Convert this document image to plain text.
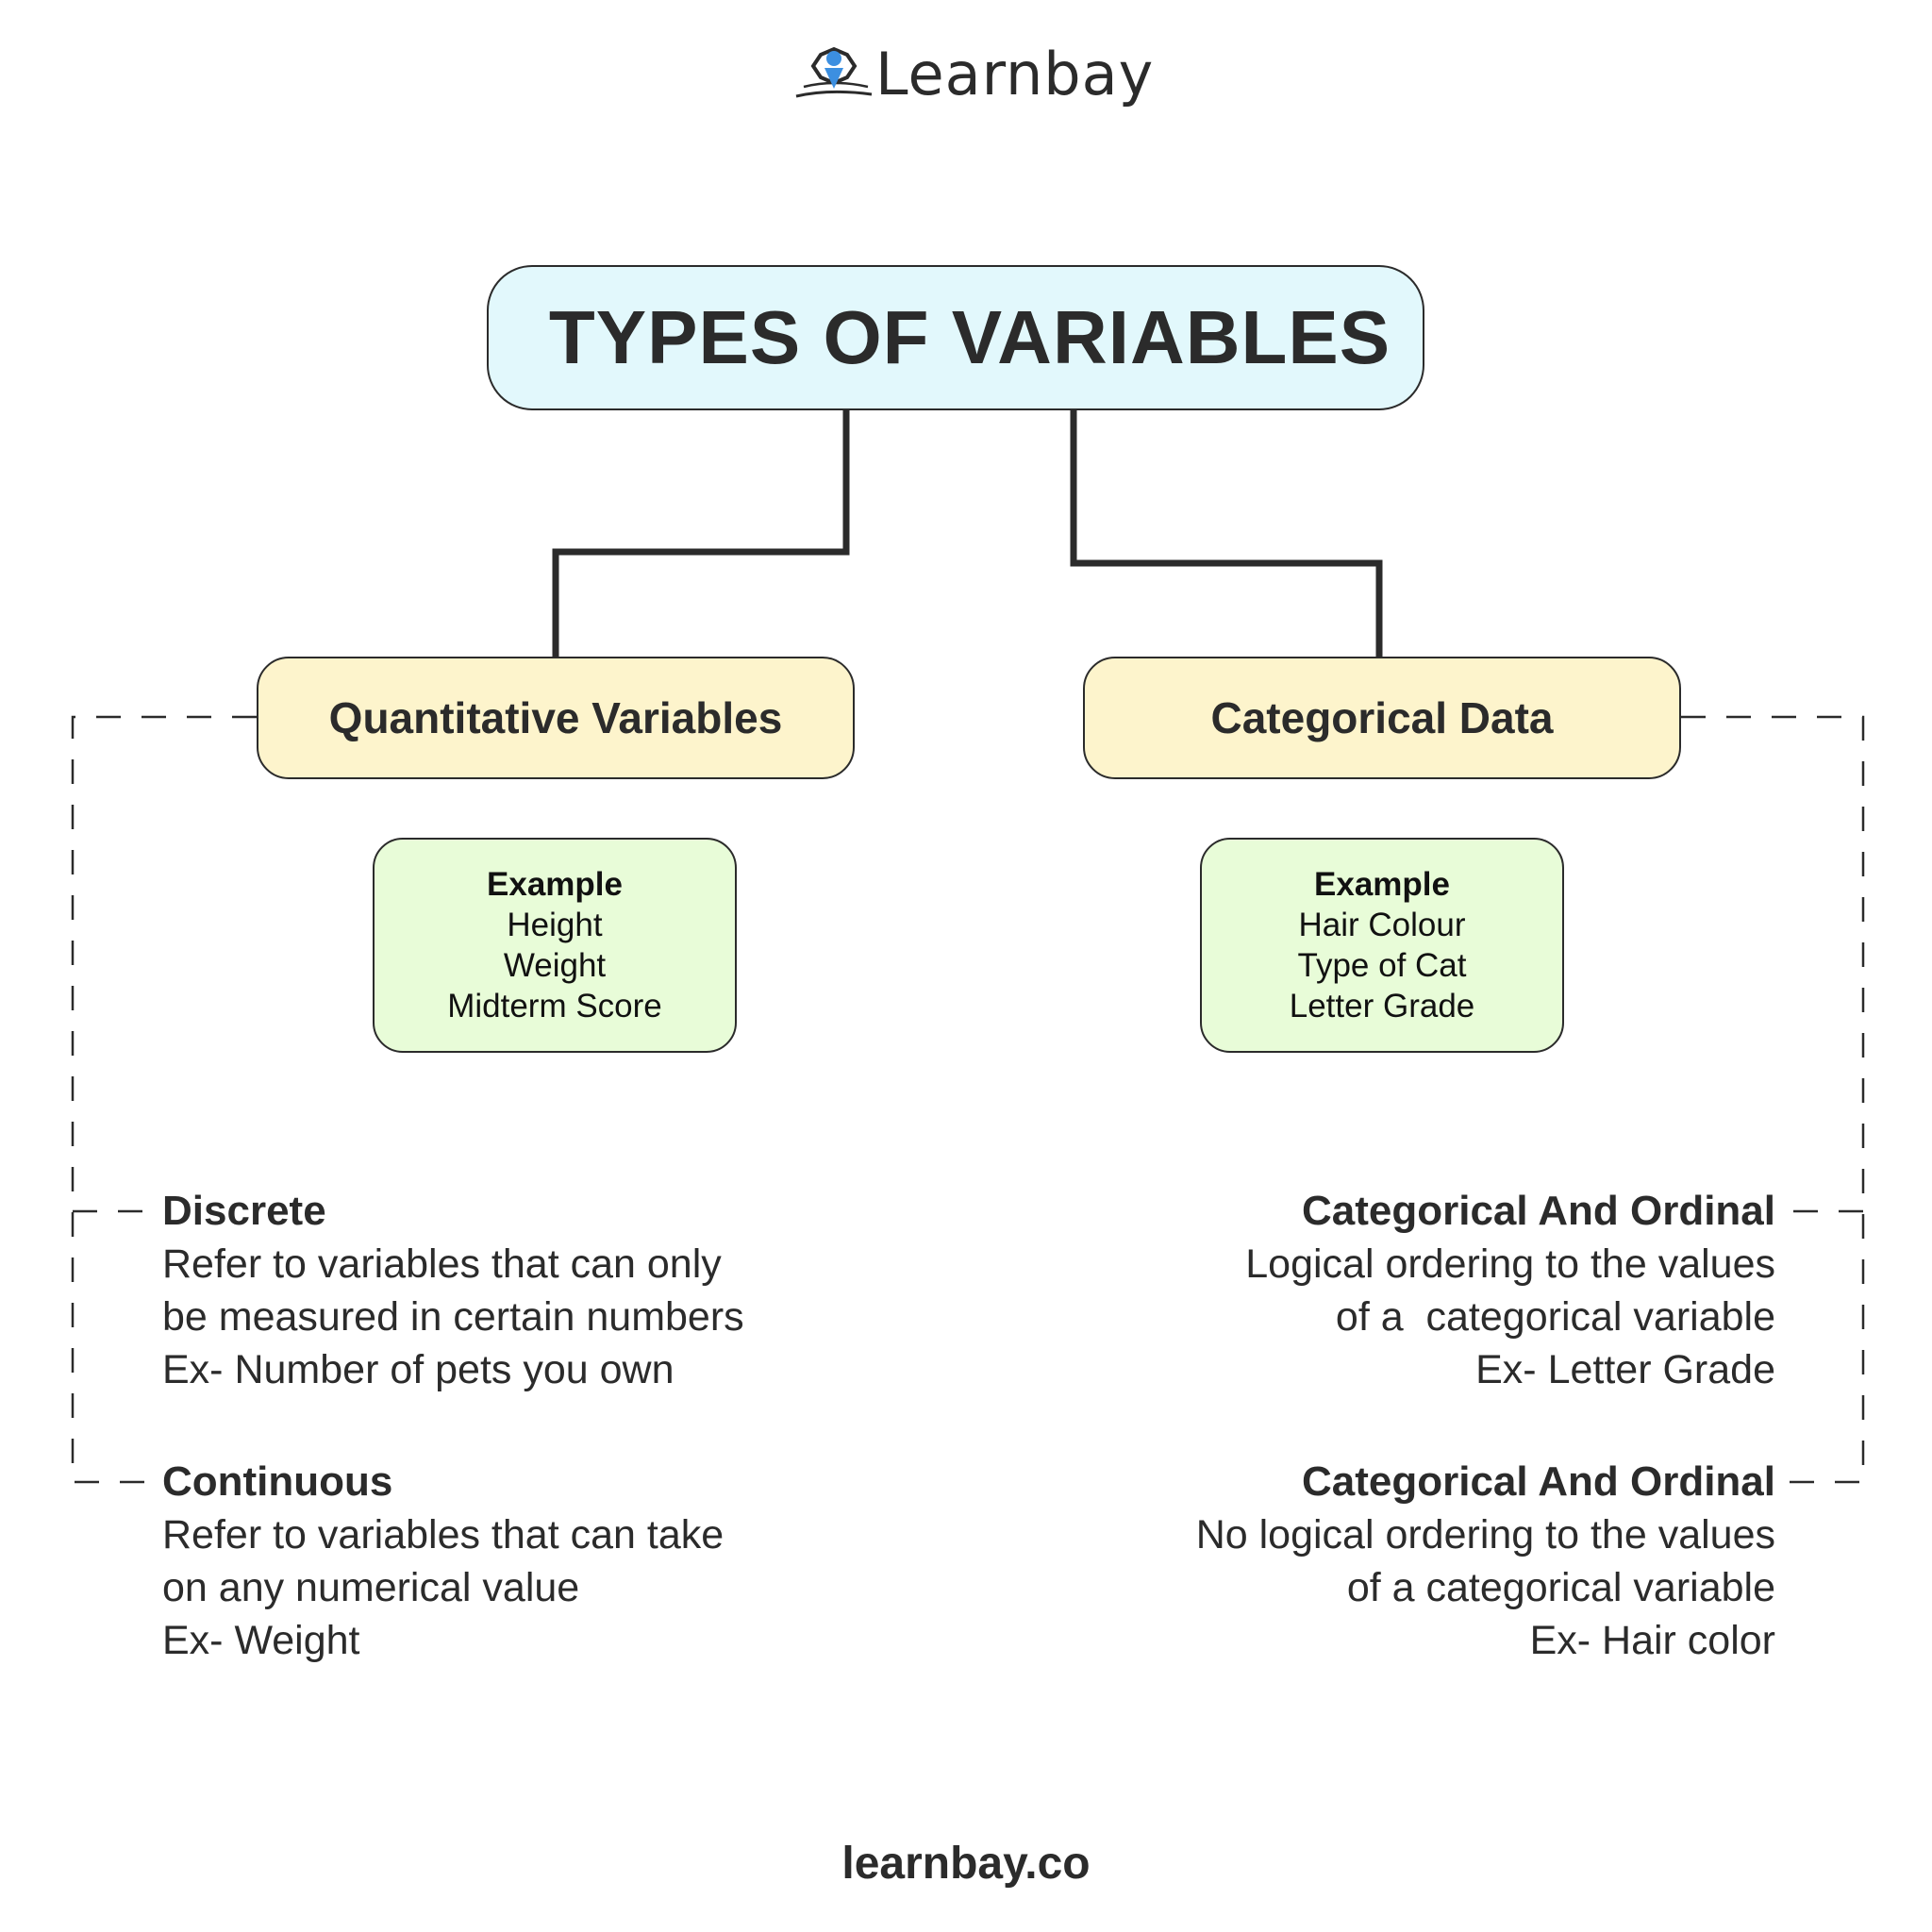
Learnbay
TYPES OF VARIABLES
Quantitative Variables	Categorical Data
Example
Height
Weight
Midterm Score
Example
Hair Colour
Type of Cat
Letter Grade
Discrete
Refer to variables that can only
be measured in certain numbers
Ex- Number of pets you own
Continuous
Refer to variables that can take
on any numerical value
Ex- Weight
Categorical And Ordinal
Logical ordering to the values
of a  categorical variable
Ex- Letter Grade
Categorical And Ordinal
No logical ordering to the values
of a categorical variable
Ex- Hair color
learnbay.co
